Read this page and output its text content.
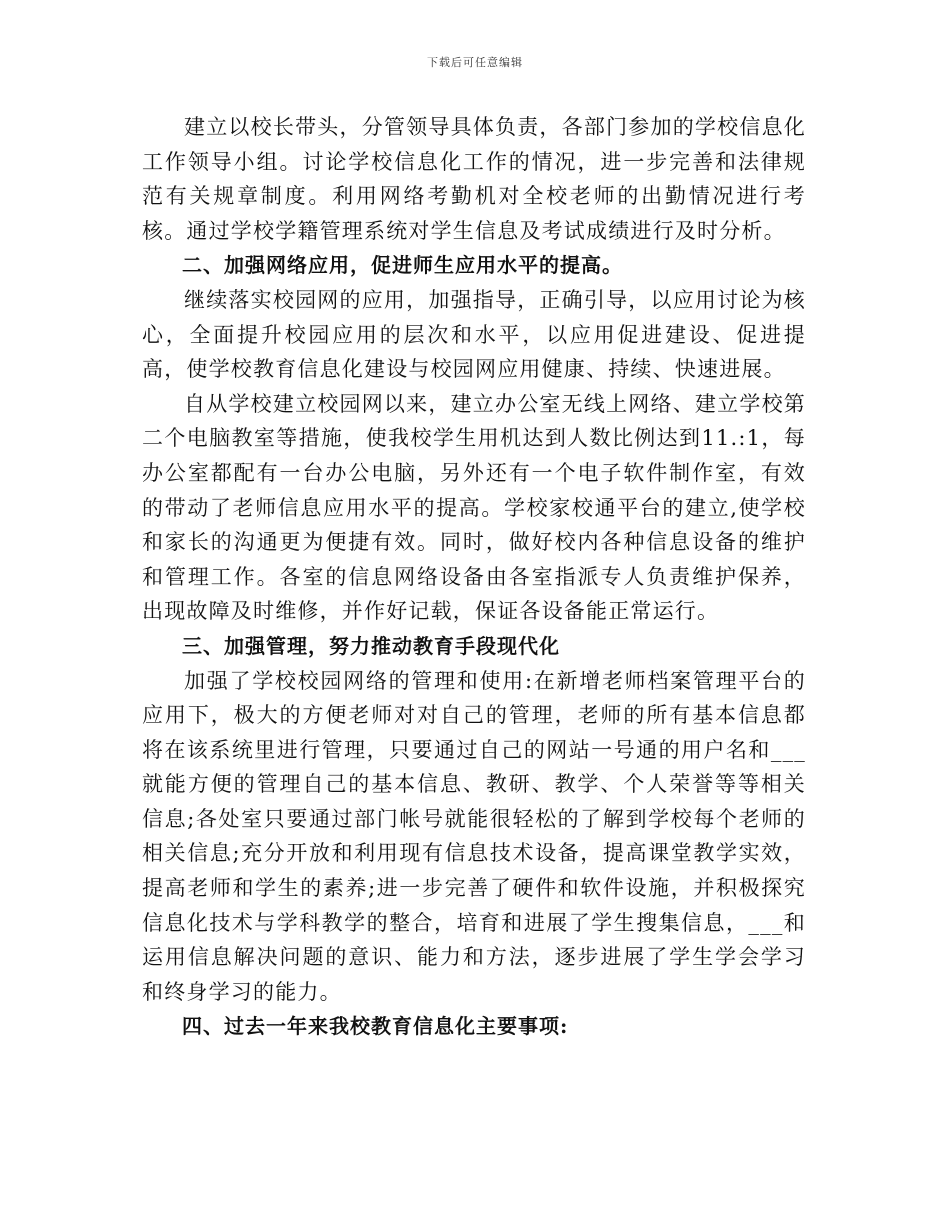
下载后可任意编辑

建立以校长带头，分管领导具体负责，各部门参加的学校信息化工作领导小组。讨论学校信息化工作的情况，进一步完善和法律规范有关规章制度。利用网络考勤机对全校老师的出勤情况进行考核。通过学校学籍管理系统对学生信息及考试成绩进行及时分析。

二、加强网络应用，促进师生应用水平的提高。

继续落实校园网的应用，加强指导，正确引导，以应用讨论为核心，全面提升校园应用的层次和水平，以应用促进建设、促进提高，使学校教育信息化建设与校园网应用健康、持续、快速进展。

自从学校建立校园网以来，建立办公室无线上网络、建立学校第二个电脑教室等措施，使我校学生用机达到人数比例达到11.:1，每办公室都配有一台办公电脑，另外还有一个电子软件制作室，有效的带动了老师信息应用水平的提高。学校家校通平台的建立,使学校和家长的沟通更为便捷有效。同时，做好校内各种信息设备的维护和管理工作。各室的信息网络设备由各室指派专人负责维护保养，出现故障及时维修，并作好记载，保证各设备能正常运行。

三、加强管理，努力推动教育手段现代化

加强了学校校园网络的管理和使用:在新增老师档案管理平台的应用下，极大的方便老师对对自己的管理，老师的所有基本信息都将在该系统里进行管理，只要通过自己的网站一号通的用户名和___就能方便的管理自己的基本信息、教研、教学、个人荣誉等等相关信息;各处室只要通过部门帐号就能很轻松的了解到学校每个老师的相关信息;充分开放和利用现有信息技术设备，提高课堂教学实效，提高老师和学生的素养;进一步完善了硬件和软件设施，并积极探究信息化技术与学科教学的整合，培育和进展了学生搜集信息，___和运用信息解决问题的意识、能力和方法，逐步进展了学生学会学习和终身学习的能力。

四、过去一年来我校教育信息化主要事项:
